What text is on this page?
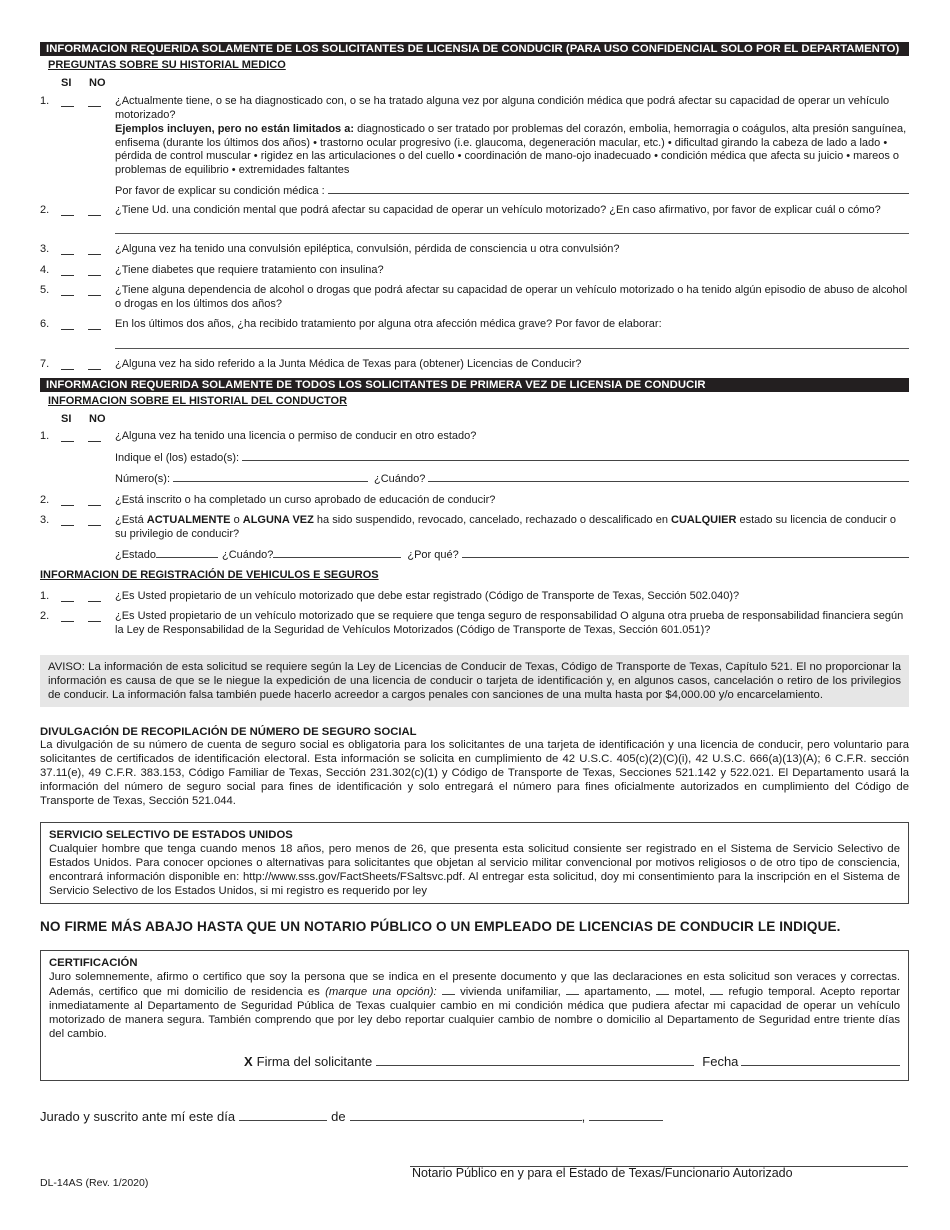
INFORMACION REQUERIDA SOLAMENTE DE LOS SOLICITANTES DE LICENSIA DE CONDUCIR (PARA USO CONFIDENCIAL SOLO POR EL DEPARTAMENTO)
PREGUNTAS SOBRE SU HISTORIAL MEDICO
SI NO
1.	¿Actualmente tiene, o se ha diagnosticado con, o se ha tratado alguna vez por alguna condición médica que podrá afectar su capacidad de operar un vehículo motorizado?
Ejemplos incluyen, pero no están limitados a: diagnosticado o ser tratado por problemas del corazón, embolia, hemorragia o coágulos, alta presión sanguínea, enfisema (durante los últimos dos años) • trastorno ocular progresivo (i.e. glaucoma, degeneración macular, etc.) • dificultad girando la cabeza de lado a lado • pérdida de control muscular • rigidez en las articulaciones o del cuello • coordinación de mano-ojo inadecuado • condición médica que afecta su juicio • mareos o problemas de equilibrio • extremidades faltantes
Por favor de explicar su condición médica :
2.	¿Tiene Ud. una condición mental que podrá afectar su capacidad de operar un vehículo motorizado? ¿En caso afirmativo, por favor de explicar cuál o cómo?
3.	¿Alguna vez ha tenido una convulsión epiléptica, convulsión, pérdida de consciencia u otra convulsión?
4.	¿Tiene diabetes que requiere tratamiento con insulina?
5.	¿Tiene alguna dependencia de alcohol o drogas que podrá afectar su capacidad de operar un vehículo motorizado o ha tenido algún episodio de abuso de alcohol o drogas en los últimos dos años?
6.	En los últimos dos años, ¿ha recibido tratamiento por alguna otra afección médica grave? Por favor de elaborar:
7.	¿Alguna vez ha sido referido a la Junta Médica de Texas para (obtener) Licencias de Conducir?
INFORMACION REQUERIDA SOLAMENTE DE TODOS LOS SOLICITANTES DE PRIMERA VEZ DE LICENSIA DE CONDUCIR
INFORMACION SOBRE EL HISTORIAL DEL CONDUCTOR
SI NO
1.	¿Alguna vez ha tenido una licencia o permiso de conducir en otro estado?
Indique el (los) estado(s):
Número(s):	¿Cuándo?
2.	¿Está inscrito o ha completado un curso aprobado de educación de conducir?
3.	¿Está ACTUALMENTE o ALGUNA VEZ ha sido suspendido, revocado, cancelado, rechazado o descalificado en CUALQUIER estado su licencia de conducir o su privilegio de conducir?
¿Estado	¿Cuándo?	¿Por qué?
INFORMACION DE REGISTRACIÓN DE VEHICULOS E SEGUROS
1.	¿Es Usted propietario de un vehículo motorizado que debe estar registrado (Código de Transporte de Texas, Sección 502.040)?
2.	¿Es Usted propietario de un vehículo motorizado que se requiere que tenga seguro de responsabilidad O alguna otra prueba de responsabilidad financiera según la Ley de Responsabilidad de la Seguridad de Vehículos Motorizados (Código de Transporte de Texas, Sección 601.051)?
AVISO: La información de esta solicitud se requiere según la Ley de Licencias de Conducir de Texas, Código de Transporte de Texas, Capítulo 521. El no proporcionar la información es causa de que se le niegue la expedición de una licencia de conducir o tarjeta de identificación y, en algunos casos, cancelación o retiro de los privilegios de conducir. La información falsa también puede hacerlo acreedor a cargos penales con sanciones de una multa hasta por $4,000.00 y/o encarcelamiento.
DIVULGACIÓN DE RECOPILACIÓN DE NÚMERO DE SEGURO SOCIAL
La divulgación de su número de cuenta de seguro social es obligatoria para los solicitantes de una tarjeta de identificación y una licencia de conducir, pero voluntario para solicitantes de certificados de identificación electoral. Esta información se solicita en cumplimiento de 42 U.S.C. 405(c)(2)(C)(i), 42 U.S.C. 666(a)(13)(A); 6 C.F.R. sección 37.11(e), 49 C.F.R. 383.153, Código Familiar de Texas, Sección 231.302(c)(1) y Código de Transporte de Texas, Secciones 521.142 y 522.021. El Departamento usará la información del número de seguro social para fines de identificación y solo entregará el número para fines oficialmente autorizados en cumplimiento del Código de Transporte de Texas, Sección 521.044.
SERVICIO SELECTIVO DE ESTADOS UNIDOS
Cualquier hombre que tenga cuando menos 18 años, pero menos de 26, que presenta esta solicitud consiente ser registrado en el Sistema de Servicio Selectivo de Estados Unidos. Para conocer opciones o alternativas para solicitantes que objetan al servicio militar convencional por motivos religiosos o de otro tipo de consciencia, encontrará información disponible en: http://www.sss.gov/FactSheets/FSaltsvc.pdf. Al entregar esta solicitud, doy mi consentimiento para la inscripción en el Sistema de Servicio Selectivo de los Estados Unidos, si mi registro es requerido por ley
NO FIRME MÁS ABAJO HASTA QUE UN NOTARIO PÚBLICO O UN EMPLEADO DE LICENCIAS DE CONDUCIR LE INDIQUE.
CERTIFICACIÓN
Juro solemnemente, afirmo o certifico que soy la persona que se indica en el presente documento y que las declaraciones en esta solicitud son veraces y correctas. Además, certifico que mi domicilio de residencia es (marque una opción): vivienda unifamiliar, apartamento, motel, refugio temporal. Acepto reportar inmediatamente al Departamento de Seguridad Pública de Texas cualquier cambio en mi condición médica que pudiera afectar mi capacidad de operar un vehículo motorizado de manera segura. También comprendo que por ley debo reportar cualquier cambio de nombre o domicilio al Departamento de Seguridad entre triente días del cambio.
X Firma del solicitante	Fecha
Jurado y suscrito ante mí este día	de	,
Notario Público en y para el Estado de Texas/Funcionario Autorizado
DL-14AS (Rev. 1/2020)
